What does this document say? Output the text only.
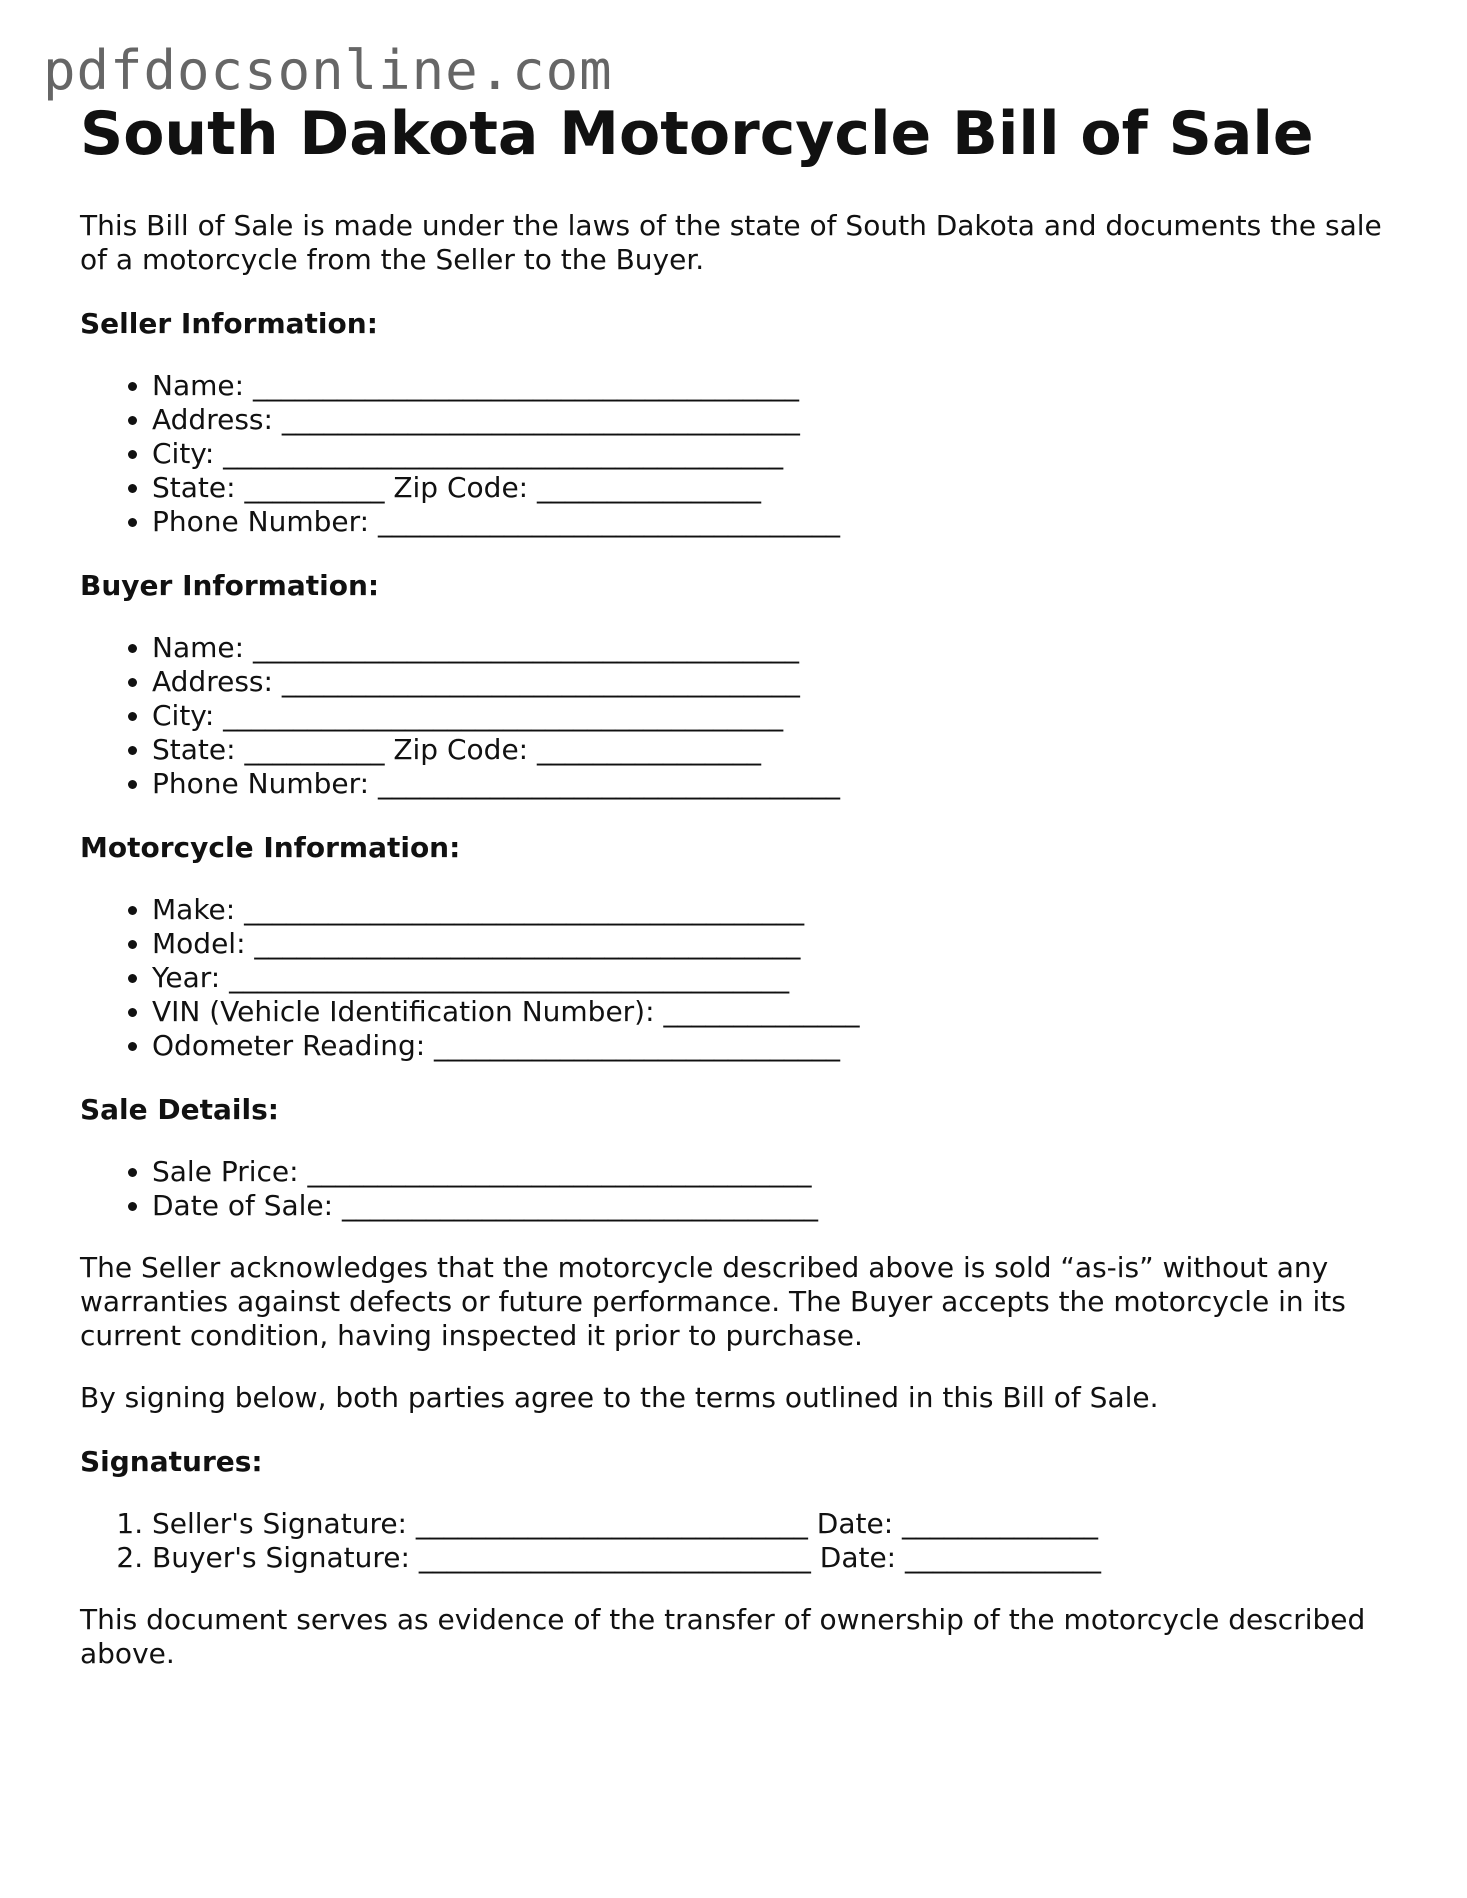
pdfdocsonline.com
South Dakota Motorcycle Bill of Sale

This Bill of Sale is made under the laws of the state of South Dakota and documents the sale of a motorcycle from the Seller to the Buyer.

Seller Information:
• Name: _______________________________________
• Address: _____________________________________
• City: ________________________________________
• State: __________ Zip Code: ________________
• Phone Number: _________________________________
Buyer Information:
• Name: _______________________________________
• Address: _____________________________________
• City: ________________________________________
• State: __________ Zip Code: ________________
• Phone Number: _________________________________
Motorcycle Information:
• Make: ________________________________________
• Model: _______________________________________
• Year: ________________________________________
• VIN (Vehicle Identification Number): ______________
• Odometer Reading: _____________________________
Sale Details:
• Sale Price: ____________________________________
• Date of Sale: __________________________________

The Seller acknowledges that the motorcycle described above is sold “as-is” without any warranties against defects or future performance. The Buyer accepts the motorcycle in its current condition, having inspected it prior to purchase.

By signing below, both parties agree to the terms outlined in this Bill of Sale.

Signatures:
1. Seller's Signature: ____________________________ Date: ______________
2. Buyer's Signature: ____________________________ Date: ______________

This document serves as evidence of the transfer of ownership of the motorcycle described above.
